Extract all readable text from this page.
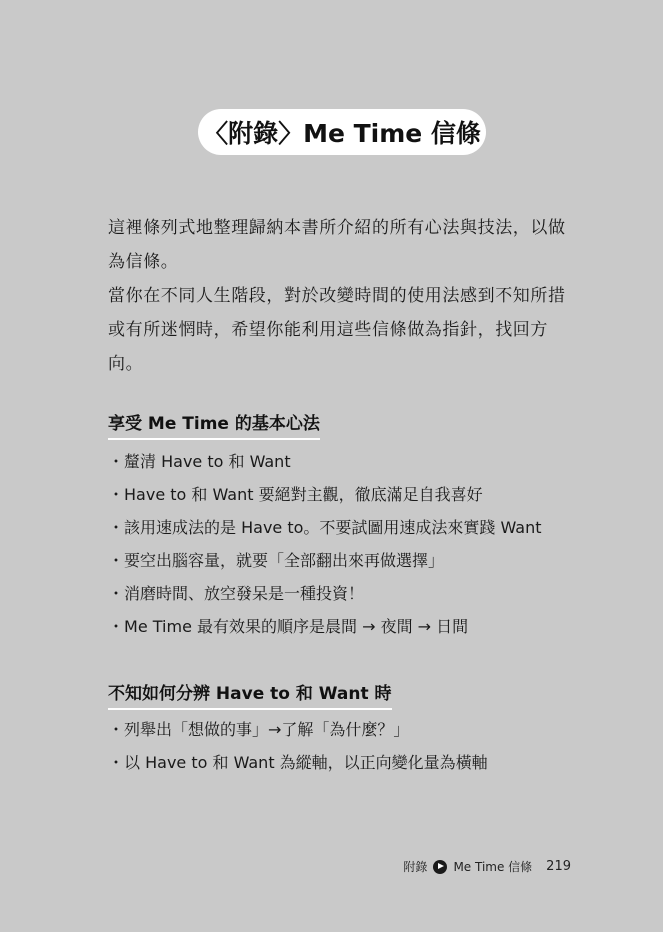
〈附錄〉Me Time 信條

這裡條列式地整理歸納本書所介紹的所有心法與技法，以做為信條。

當你在不同人生階段，對於改變時間的使用法感到不知所措或有所迷惘時，希望你能利用這些信條做為指針，找回方向。

享受 Me Time 的基本心法
・ 釐清 Have to 和 Want
・ Have to 和 Want 要絕對主觀，徹底滿足自我喜好
・ 該用速成法的是 Have to。不要試圖用速成法來實踐 Want
・ 要空出腦容量，就要「全部翻出來再做選擇」
・ 消磨時間、放空發呆是一種投資！
・ Me Time 最有效果的順序是晨間 → 夜間 → 日間
不知如何分辨 Have to 和 Want 時
・ 列舉出「想做的事」→了解「為什麼？」
・ 以 Have to 和 Want 為縱軸，以正向變化量為橫軸
附錄 Me Time 信條 219
